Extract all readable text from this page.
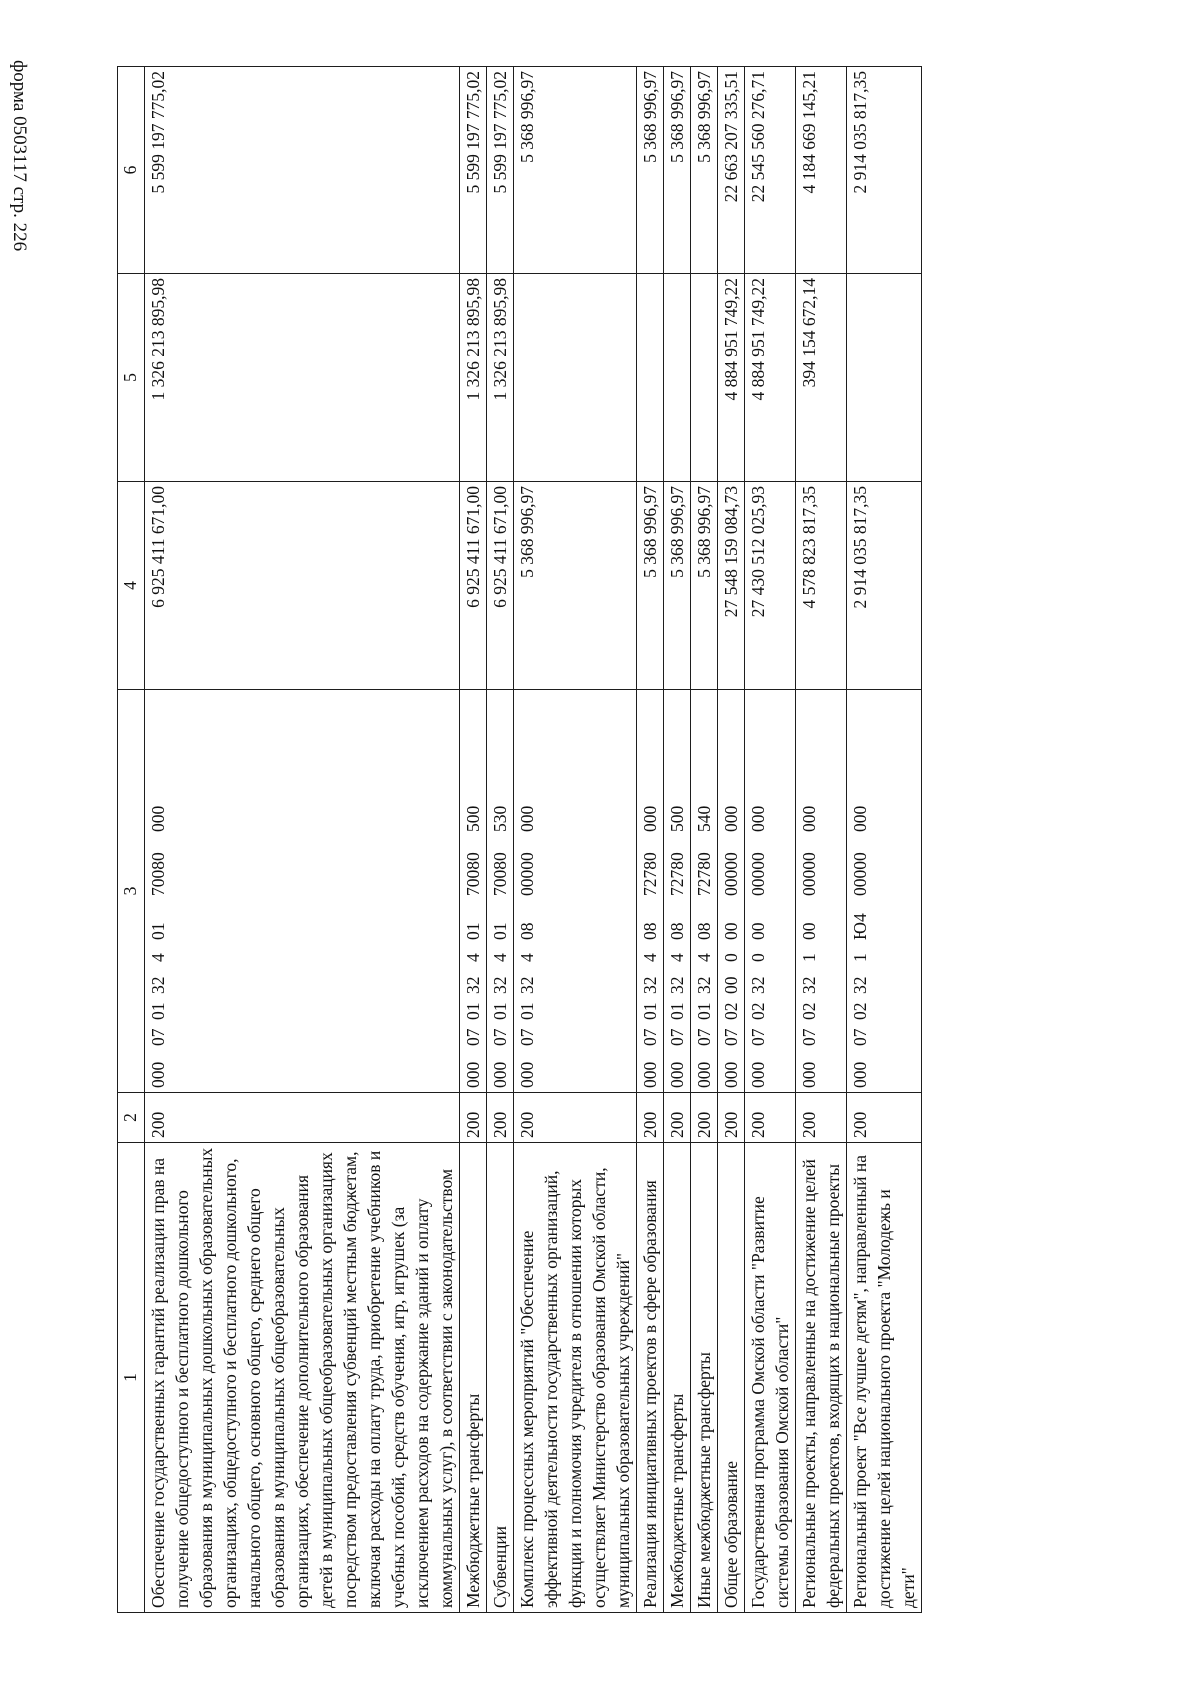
форма 0503117 стр. 226
1	2	3	4	5	6
Обеспечение государственных гарантий реализации прав на получение общедоступного и бесплатного дошкольного образования в муниципальных дошкольных образовательных организациях, общедоступного и бесплатного дошкольного, начального общего, основного общего, среднего общего образования в муниципальных общеобразовательных организациях, обеспечение дополнительного образования детей в муниципальных общеобразовательных организациях посредством предоставления субвенций местным бюджетам, включая расходы на оплату труда, приобретение учебников и учебных пособий, средств обучения, игр, игрушек (за исключением расходов на содержание зданий и оплату коммунальных услуг), в соответствии с законодательством	200	00007013240170080000	6 925 411 671,00	1 326 213 895,98	5 599 197 775,02
Межбюджетные трансферты	200	00007013240170080500	6 925 411 671,00	1 326 213 895,98	5 599 197 775,02
Субвенции	200	00007013240170080530	6 925 411 671,00	1 326 213 895,98	5 599 197 775,02
Комплекс процессных мероприятий "Обеспечение эффективной деятельности государственных организаций, функции и полномочия учредителя в отношении которых осуществляет Министерство образования Омской области, муниципальных образовательных учреждений"	200	00007013240800000000	5 368 996,97		5 368 996,97
Реализация инициативных проектов в сфере образования	200	00007013240872780000	5 368 996,97		5 368 996,97
Межбюджетные трансферты	200	00007013240872780500	5 368 996,97		5 368 996,97
Иные межбюджетные трансферты	200	00007013240872780540	5 368 996,97		5 368 996,97
Общее образование	200	00007020000000000000	27 548 159 084,73	4 884 951 749,22	22 663 207 335,51
Государственная программа Омской области "Развитие системы образования Омской области"	200	00007023200000000000	27 430 512 025,93	4 884 951 749,22	22 545 560 276,71
Региональные проекты, направленные на достижение целей федеральных проектов, входящих в национальные проекты	200	00007023210000000000	4 578 823 817,35	394 154 672,14	4 184 669 145,21
Региональный проект "Все лучшее детям", направленный на достижение целей национального проекта "Молодежь и дети"	200	0000702321Ю400000000	2 914 035 817,35		2 914 035 817,35
